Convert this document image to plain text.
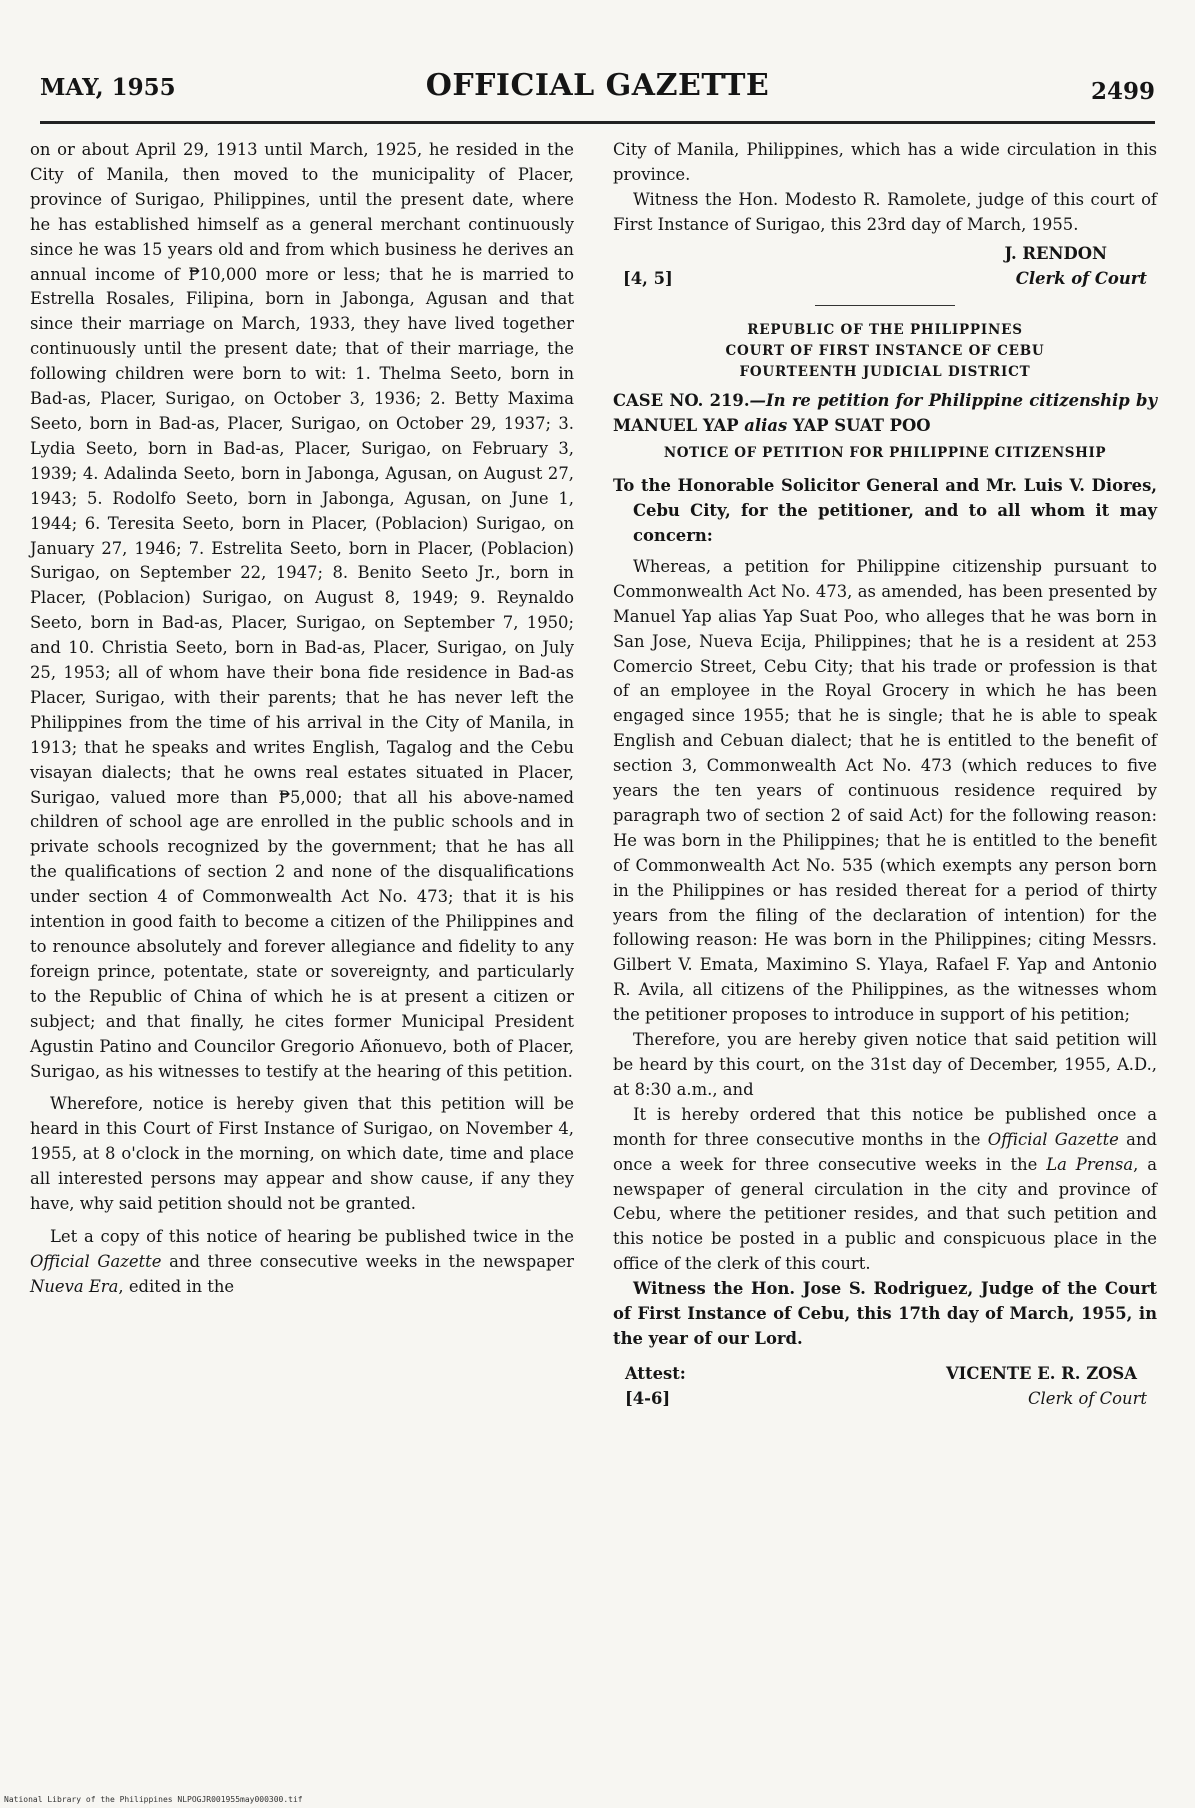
MAY, 1955	OFFICIAL GAZETTE	2499

on or about April 29, 1913 until March, 1925, he resided in the City of Manila, then moved to the municipality of Placer, province of Surigao, Philippines, until the present date, where he has established himself as a general merchant continuously since he was 15 years old and from which business he derives an annual income of ₱10,000 more or less; that he is married to Estrella Rosales, Filipina, born in Jabonga, Agusan and that since their marriage on March, 1933, they have lived together continuously until the present date; that of their marriage, the following children were born to wit: 1. Thelma Seeto, born in Bad-as, Placer, Surigao, on October 3, 1936; 2. Betty Maxima Seeto, born in Bad-as, Placer, Surigao, on October 29, 1937; 3. Lydia Seeto, born in Bad-as, Placer, Surigao, on February 3, 1939; 4. Adalinda Seeto, born in Jabonga, Agusan, on August 27, 1943; 5. Rodolfo Seeto, born in Jabonga, Agusan, on June 1, 1944; 6. Teresita Seeto, born in Placer, (Poblacion) Surigao, on January 27, 1946; 7. Estrelita Seeto, born in Placer, (Poblacion) Surigao, on September 22, 1947; 8. Benito Seeto Jr., born in Placer, (Poblacion) Surigao, on August 8, 1949; 9. Reynaldo Seeto, born in Bad-as, Placer, Surigao, on September 7, 1950; and 10. Christia Seeto, born in Bad-as, Placer, Surigao, on July 25, 1953; all of whom have their bona fide residence in Bad-as Placer, Surigao, with their parents; that he has never left the Philippines from the time of his arrival in the City of Manila, in 1913; that he speaks and writes English, Tagalog and the Cebu visayan dialects; that he owns real estates situated in Placer, Surigao, valued more than ₱5,000; that all his above-named children of school age are enrolled in the public schools and in private schools recognized by the government; that he has all the qualifications of section 2 and none of the disqualifications under section 4 of Commonwealth Act No. 473; that it is his intention in good faith to become a citizen of the Philippines and to renounce absolutely and forever allegiance and fidelity to any foreign prince, potentate, state or sovereignty, and particularly to the Republic of China of which he is at present a citizen or subject; and that finally, he cites former Municipal President Agustin Patino and Councilor Gregorio Añonuevo, both of Placer, Surigao, as his witnesses to testify at the hearing of this petition.

Wherefore, notice is hereby given that this petition will be heard in this Court of First Instance of Surigao, on November 4, 1955, at 8 o'clock in the morning, on which date, time and place all interested persons may appear and show cause, if any they have, why said petition should not be granted.

Let a copy of this notice of hearing be published twice in the Official Gazette and three consecutive weeks in the newspaper Nueva Era, edited in the

City of Manila, Philippines, which has a wide circulation in this province.

Witness the Hon. Modesto R. Ramolete, judge of this court of First Instance of Surigao, this 23rd day of March, 1955.

J. RENDON
[4, 5]	Clerk of Court
REPUBLIC OF THE PHILIPPINES
COURT OF FIRST INSTANCE OF CEBU
FOURTEENTH JUDICIAL DISTRICT

CASE NO. 219.—In re petition for Philippine citizenship by MANUEL YAP alias YAP SUAT POO

NOTICE OF PETITION FOR PHILIPPINE CITIZENSHIP

To the Honorable Solicitor General and Mr. Luis V. Diores, Cebu City, for the petitioner, and to all whom it may concern:

Whereas, a petition for Philippine citizenship pursuant to Commonwealth Act No. 473, as amended, has been presented by Manuel Yap alias Yap Suat Poo, who alleges that he was born in San Jose, Nueva Ecija, Philippines; that he is a resident at 253 Comercio Street, Cebu City; that his trade or profession is that of an employee in the Royal Grocery in which he has been engaged since 1955; that he is single; that he is able to speak English and Cebuan dialect; that he is entitled to the benefit of section 3, Commonwealth Act No. 473 (which reduces to five years the ten years of continuous residence required by paragraph two of section 2 of said Act) for the following reason: He was born in the Philippines; that he is entitled to the benefit of Commonwealth Act No. 535 (which exempts any person born in the Philippines or has resided thereat for a period of thirty years from the filing of the declaration of intention) for the following reason: He was born in the Philippines; citing Messrs. Gilbert V. Emata, Maximino S. Ylaya, Rafael F. Yap and Antonio R. Avila, all citizens of the Philippines, as the witnesses whom the petitioner proposes to introduce in support of his petition;

Therefore, you are hereby given notice that said petition will be heard by this court, on the 31st day of December, 1955, A.D., at 8:30 a.m., and

It is hereby ordered that this notice be published once a month for three consecutive months in the Official Gazette and once a week for three consecutive weeks in the La Prensa, a newspaper of general circulation in the city and province of Cebu, where the petitioner resides, and that such petition and this notice be posted in a public and conspicuous place in the office of the clerk of this court.

Witness the Hon. Jose S. Rodriguez, Judge of the Court of First Instance of Cebu, this 17th day of March, 1955, in the year of our Lord.

Attest:	VICENTE E. R. ZOSA
[4-6]	Clerk of Court
National Library of the Philippines NLPOGJR001955may000300.tif
